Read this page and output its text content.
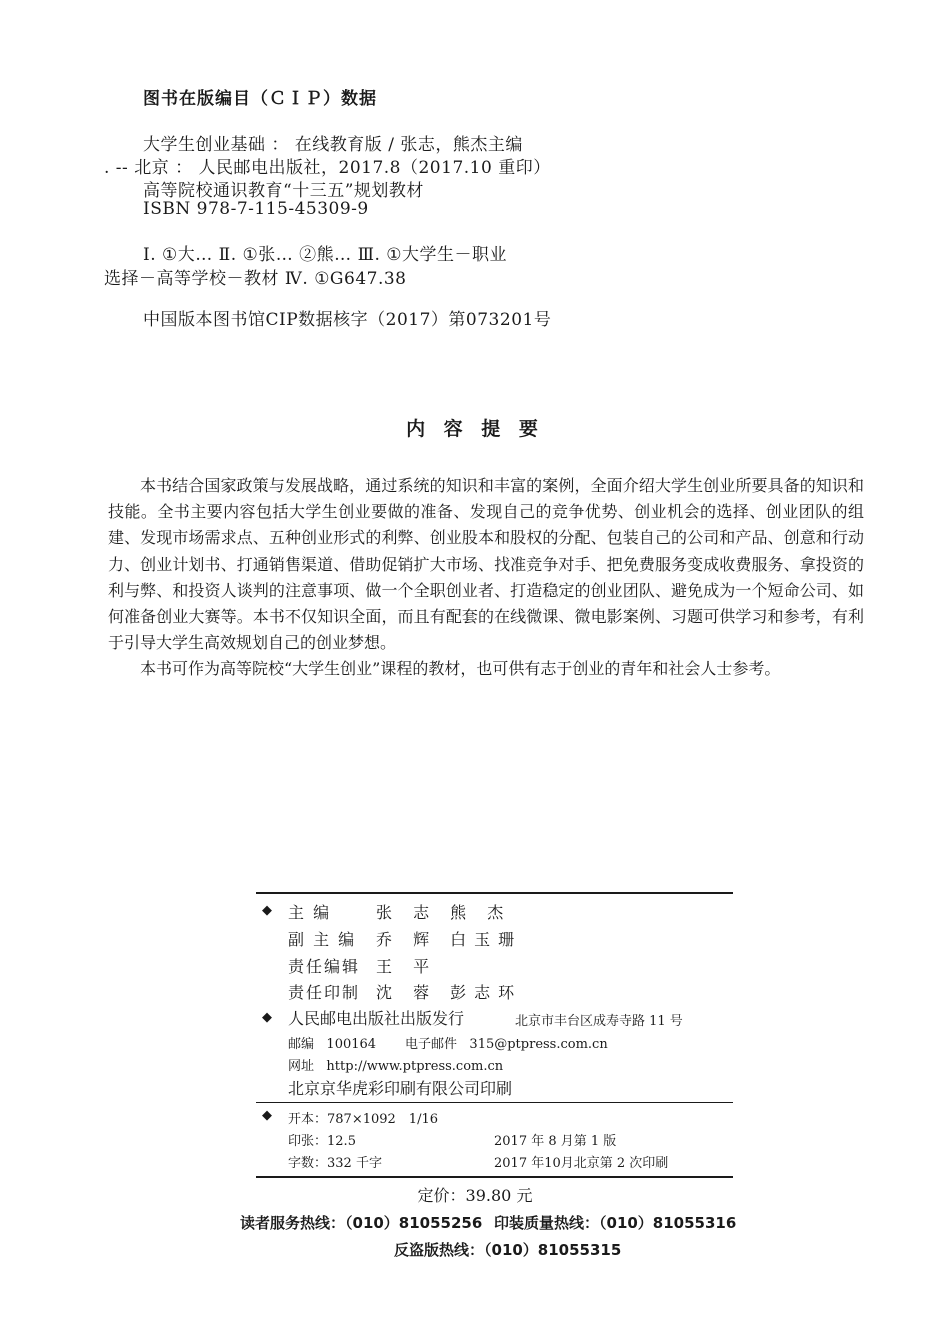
图书在版编目（ＣＩＰ）数据
大学生创业基础 ： 在线教育版 / 张志，熊杰主编
. -- 北京 ： 人民邮电出版社，2017.8（2017.10 重印）
高等院校通识教育“十三五”规划教材
ISBN 978-7-115-45309-9
Ⅰ. ①大… Ⅱ. ①张… ②熊… Ⅲ. ①大学生－职业
选择－高等学校－教材 Ⅳ. ①G647.38
中国版本图书馆CIP数据核字（2017）第073201号
内 容 提 要

本书结合国家政策与发展战略，通过系统的知识和丰富的案例，全面介绍大学生创业所要具备的知识和技能。全书主要内容包括大学生创业要做的准备、发现自己的竞争优势、创业机会的选择、创业团队的组建、发现市场需求点、五种创业形式的利弊、创业股本和股权的分配、包装自己的公司和产品、创意和行动力、创业计划书、打通销售渠道、借助促销扩大市场、找准竞争对手、把免费服务变成收费服务、拿投资的利与弊、和投资人谈判的注意事项、做一个全职创业者、打造稳定的创业团队、避免成为一个短命公司、如何准备创业大赛等。本书不仅知识全面，而且有配套的在线微课、微电影案例、习题可供学习和参考，有利于引导大学生高效规划自己的创业梦想。

本书可作为高等院校“大学生创业”课程的教材，也可供有志于创业的青年和社会人士参考。

◆ 主 编	张 志 熊 杰
副 主 编 乔 辉 白玉珊
责任编辑 王 平
责任印制 沈 蓉 彭志环
◆ 人民邮电出版社出版发行	北京市丰台区成寿寺路 11 号
邮编 100164 电子邮件 315@ptpress.com.cn
网址 http://www.ptpress.com.cn
北京京华虎彩印刷有限公司印刷
◆ 开本：787×1092　1/16
印张：12.5	2017 年 8 月第 1 版
字数：332 千字	2017 年10月北京第 2 次印刷
定价：39.80 元
读者服务热线：（010）81055256 印装质量热线：（010）81055316
反盗版热线：（010）81055315
